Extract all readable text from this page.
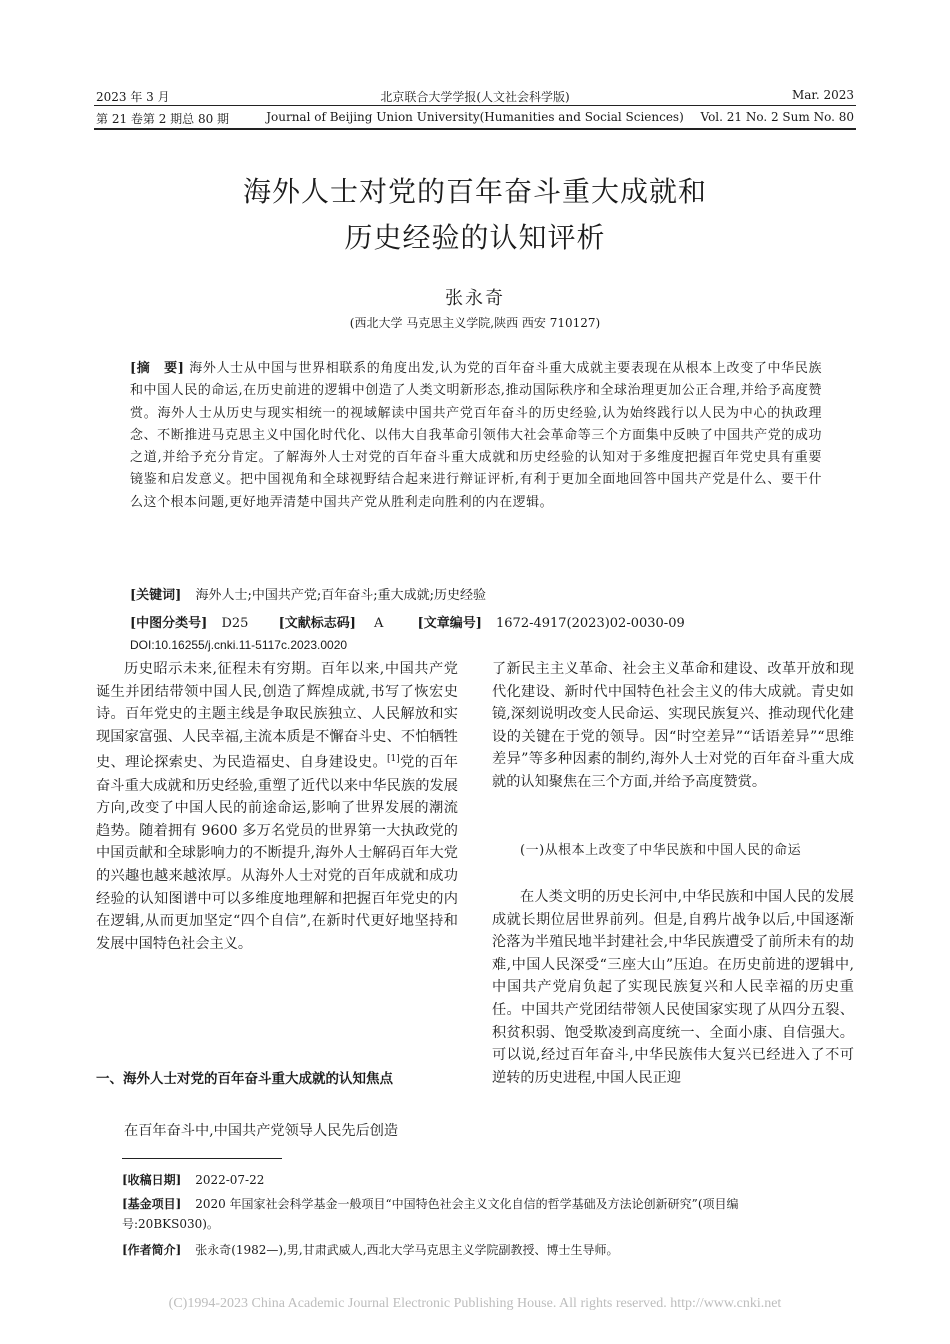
2023 年 3 月	北京联合大学学报(人文社会科学版)	Mar. 2023
第 21 卷第 2 期总 80 期	Journal of Beijing Union University(Humanities and Social Sciences)	Vol. 21 No. 2 Sum No. 80
海外人士对党的百年奋斗重大成就和
历史经验的认知评析
张永奇
(西北大学 马克思主义学院,陕西 西安 710127)
[摘　要] 海外人士从中国与世界相联系的角度出发,认为党的百年奋斗重大成就主要表现在从根本上改变了中华民族和中国人民的命运,在历史前进的逻辑中创造了人类文明新形态,推动国际秩序和全球治理更加公正合理,并给予高度赞赏。海外人士从历史与现实相统一的视域解读中国共产党百年奋斗的历史经验,认为始终践行以人民为中心的执政理念、不断推进马克思主义中国化时代化、以伟大自我革命引领伟大社会革命等三个方面集中反映了中国共产党的成功之道,并给予充分肯定。了解海外人士对党的百年奋斗重大成就和历史经验的认知对于多维度把握百年党史具有重要镜鉴和启发意义。把中国视角和全球视野结合起来进行辩证评析,有利于更加全面地回答中国共产党是什么、要干什么这个根本问题,更好地弄清楚中国共产党从胜利走向胜利的内在逻辑。
[关键词] 海外人士;中国共产党;百年奋斗;重大成就;历史经验
[中图分类号] D25 [文献标志码] A	[文章编号] 1672-4917(2023)02-0030-09
DOI:10.16255/j.cnki.11-5117c.2023.0020
历史昭示未来,征程未有穷期。百年以来,中国共产党诞生并团结带领中国人民,创造了辉煌成就,书写了恢宏史诗。百年党史的主题主线是争取民族独立、人民解放和实现国家富强、人民幸福,主流本质是不懈奋斗史、不怕牺牲史、理论探索史、为民造福史、自身建设史。[1]党的百年奋斗重大成就和历史经验,重塑了近代以来中华民族的发展方向,改变了中国人民的前途命运,影响了世界发展的潮流趋势。随着拥有 9600 多万名党员的世界第一大执政党的中国贡献和全球影响力的不断提升,海外人士解码百年大党的兴趣也越来越浓厚。从海外人士对党的百年成就和成功经验的认知图谱中可以多维度地理解和把握百年党史的内在逻辑,从而更加坚定“四个自信”,在新时代更好地坚持和发展中国特色社会主义。
一、海外人士对党的百年奋斗重大成就的认知焦点
在百年奋斗中,中国共产党领导人民先后创造
了新民主主义革命、社会主义革命和建设、改革开放和现代化建设、新时代中国特色社会主义的伟大成就。青史如镜,深刻说明改变人民命运、实现民族复兴、推动现代化建设的关键在于党的领导。因“时空差异”“话语差异”“思维差异”等多种因素的制约,海外人士对党的百年奋斗重大成就的认知聚焦在三个方面,并给予高度赞赏。
(一)从根本上改变了中华民族和中国人民的命运
在人类文明的历史长河中,中华民族和中国人民的发展成就长期位居世界前列。但是,自鸦片战争以后,中国逐渐沦落为半殖民地半封建社会,中华民族遭受了前所未有的劫难,中国人民深受“三座大山”压迫。在历史前进的逻辑中,中国共产党肩负起了实现民族复兴和人民幸福的历史重任。中国共产党团结带领人民使国家实现了从四分五裂、积贫积弱、饱受欺凌到高度统一、全面小康、自信强大。可以说,经过百年奋斗,中华民族伟大复兴已经进入了不可逆转的历史进程,中国人民正迎
[收稿日期] 2022-07-22
[基金项目] 2020 年国家社会科学基金一般项目“中国特色社会主义文化自信的哲学基础及方法论创新研究”(项目编号:20BKS030)。
[作者简介] 张永奇(1982—),男,甘肃武威人,西北大学马克思主义学院副教授、博士生导师。
(C)1994-2023 China Academic Journal Electronic Publishing House. All rights reserved. http://www.cnki.net
